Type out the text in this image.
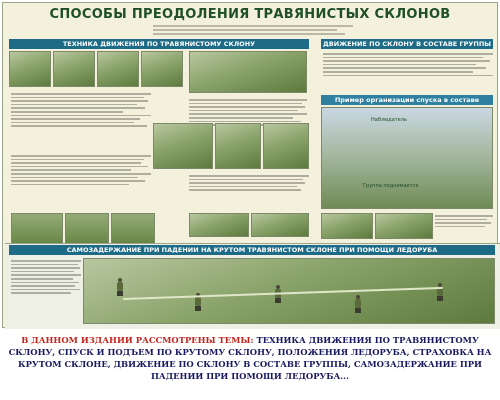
СПОСОБЫ ПРЕОДОЛЕНИЯ ТРАВЯНИСТЫХ СКЛОНОВ
ТЕХНИКА ДВИЖЕНИЯ ПО ТРАВЯНИСТОМУ СКЛОНУ	ДВИЖЕНИЕ ПО СКЛОНУ В СОСТАВЕ ГРУППЫ
Пример организации спуска в составе
Наблюдатель
Группа поднимается
САМОЗАДЕРЖАНИЕ ПРИ ПАДЕНИИ НА КРУТОМ ТРАВЯНИСТОМ СКЛОНЕ ПРИ ПОМОЩИ ЛЕДОРУБА
В ДАННОМ ИЗДАНИИ РАССМОТРЕНЫ ТЕМЫ: ТЕХНИКА ДВИЖЕНИЯ ПО ТРАВЯНИСТОМУ СКЛОНУ, СПУСК И ПОДЪЕМ ПО КРУТОМУ СКЛОНУ, ПОЛОЖЕНИЯ ЛЕДОРУБА, СТРАХОВКА НА КРУТОМ СКЛОНЕ, ДВИЖЕНИЕ ПО СКЛОНУ В СОСТАВЕ ГРУППЫ, САМОЗАДЕРЖАНИЕ ПРИ ПАДЕНИИ ПРИ ПОМОЩИ ЛЕДОРУБА...
